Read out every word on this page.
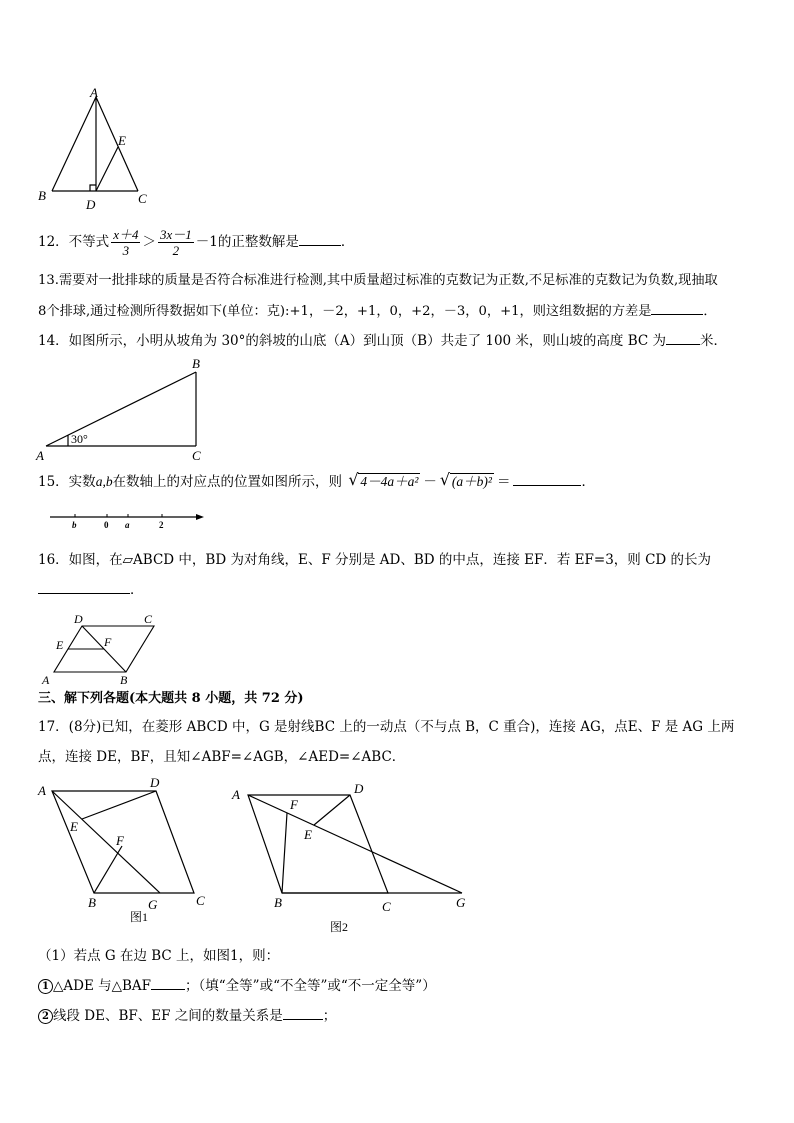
A
E
B	C
D
12．不等式 $\frac{x+4}{3} > \frac{3x-1}{2} -1$的正整数解是	．
13.需要对一批排球的质量是否符合标准进行检测,其中质量超过标准的克数记为正数,不足标准的克数记为负数,现抽取
8个排球,通过检测所得数据如下(单位：克):+1，－2，+1，0，+2，－3，0，+1，则这组数据的方差是	．
14．如图所示，小明从坡角为 30°的斜坡的山底（A）到山顶（B）共走了 100 米，则山坡的高度 BC 为	米．
B
A	C
30°
15．实数a,b在数轴上的对应点的位置如图所示，则 √ 4－4a＋a² － √ (a＋b)² ＝	．
b	0 a	2
16．如图，在▱ABCD 中，BD 为对角线，E、F 分别是 AD、BD 的中点，连接 EF．若 EF=3，则 CD 的长为
．
D	C
E	F
A	B
三、解下列各题(本大题共 8 小题，共 72 分)
17．(8分)已知，在菱形 ABCD 中，G 是射线BC 上的一动点（不与点 B，C 重合)，连接 AG，点E、F 是 AG 上两
点，连接 DE，BF，且知∠ABF=∠AGB，∠AED=∠ABC．
A
D
E
F
B	G	C
图1
A	D
F
E
B	C	G
图2
（1）若点 G 在边 BC 上，如图1，则：
1 △ADE 与△BAF	；（填“全等”或“不全等”或“不一定全等”）
2 线段 DE、BF、EF 之间的数量关系是	；
